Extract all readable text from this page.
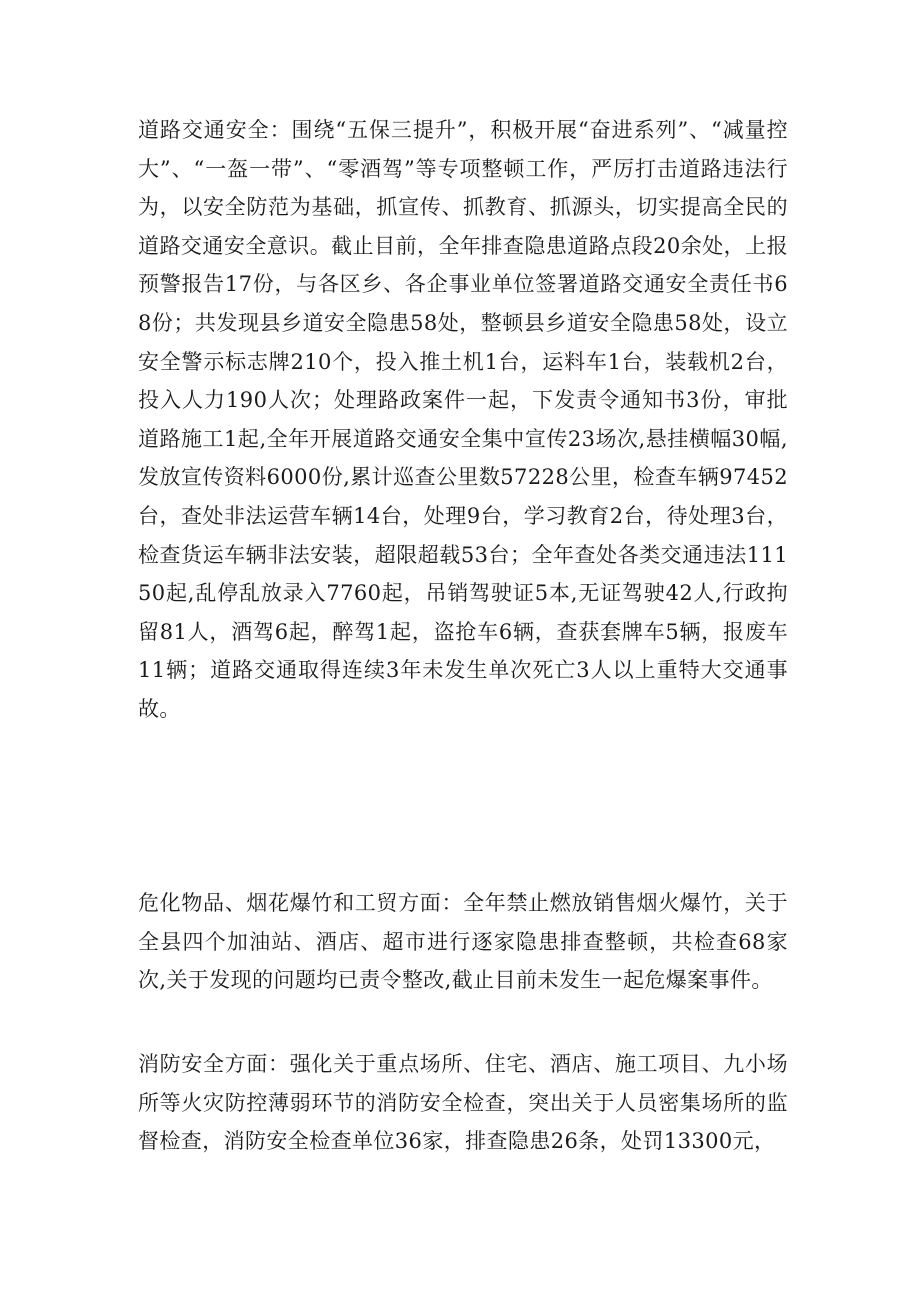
道路交通安全：围绕“五保三提升”，积极开展“奋进系列”、“减量控大”、“一盔一带”、“零酒驾”等专项整顿工作，严厉打击道路违法行为，以安全防范为基础，抓宣传、抓教育、抓源头，切实提高全民的道路交通安全意识。截止目前，全年排查隐患道路点段20余处，上报预警报告17份，与各区乡、各企事业单位签署道路交通安全责任书68份；共发现县乡道安全隐患58处，整顿县乡道安全隐患58处，设立安全警示标志牌210个，投入推土机1台，运料车1台，装载机2台，投入人力190人次；处理路政案件一起，下发责令通知书3份，审批道路施工1起,全年开展道路交通安全集中宣传23场次,悬挂横幅30幅,发放宣传资料6000份,累计巡查公里数57228公里，检查车辆97452台，查处非法运营车辆14台，处理9台，学习教育2台，待处理3台，检查货运车辆非法安装，超限超载53台；全年查处各类交通违法11150起,乱停乱放录入7760起，吊销驾驶证5本,无证驾驶42人,行政拘留81人，酒驾6起，醉驾1起，盗抢车6辆，查获套牌车5辆，报废车11辆；道路交通取得连续3年未发生单次死亡3人以上重特大交通事故。
危化物品、烟花爆竹和工贸方面：全年禁止燃放销售烟火爆竹，关于全县四个加油站、酒店、超市进行逐家隐患排查整顿，共检查68家次,关于发现的问题均已责令整改,截止目前未发生一起危爆案事件。
消防安全方面：强化关于重点场所、住宅、酒店、施工项目、九小场所等火灾防控薄弱环节的消防安全检查，突出关于人员密集场所的监督检查，消防安全检查单位36家，排查隐患26条，处罚13300元，
